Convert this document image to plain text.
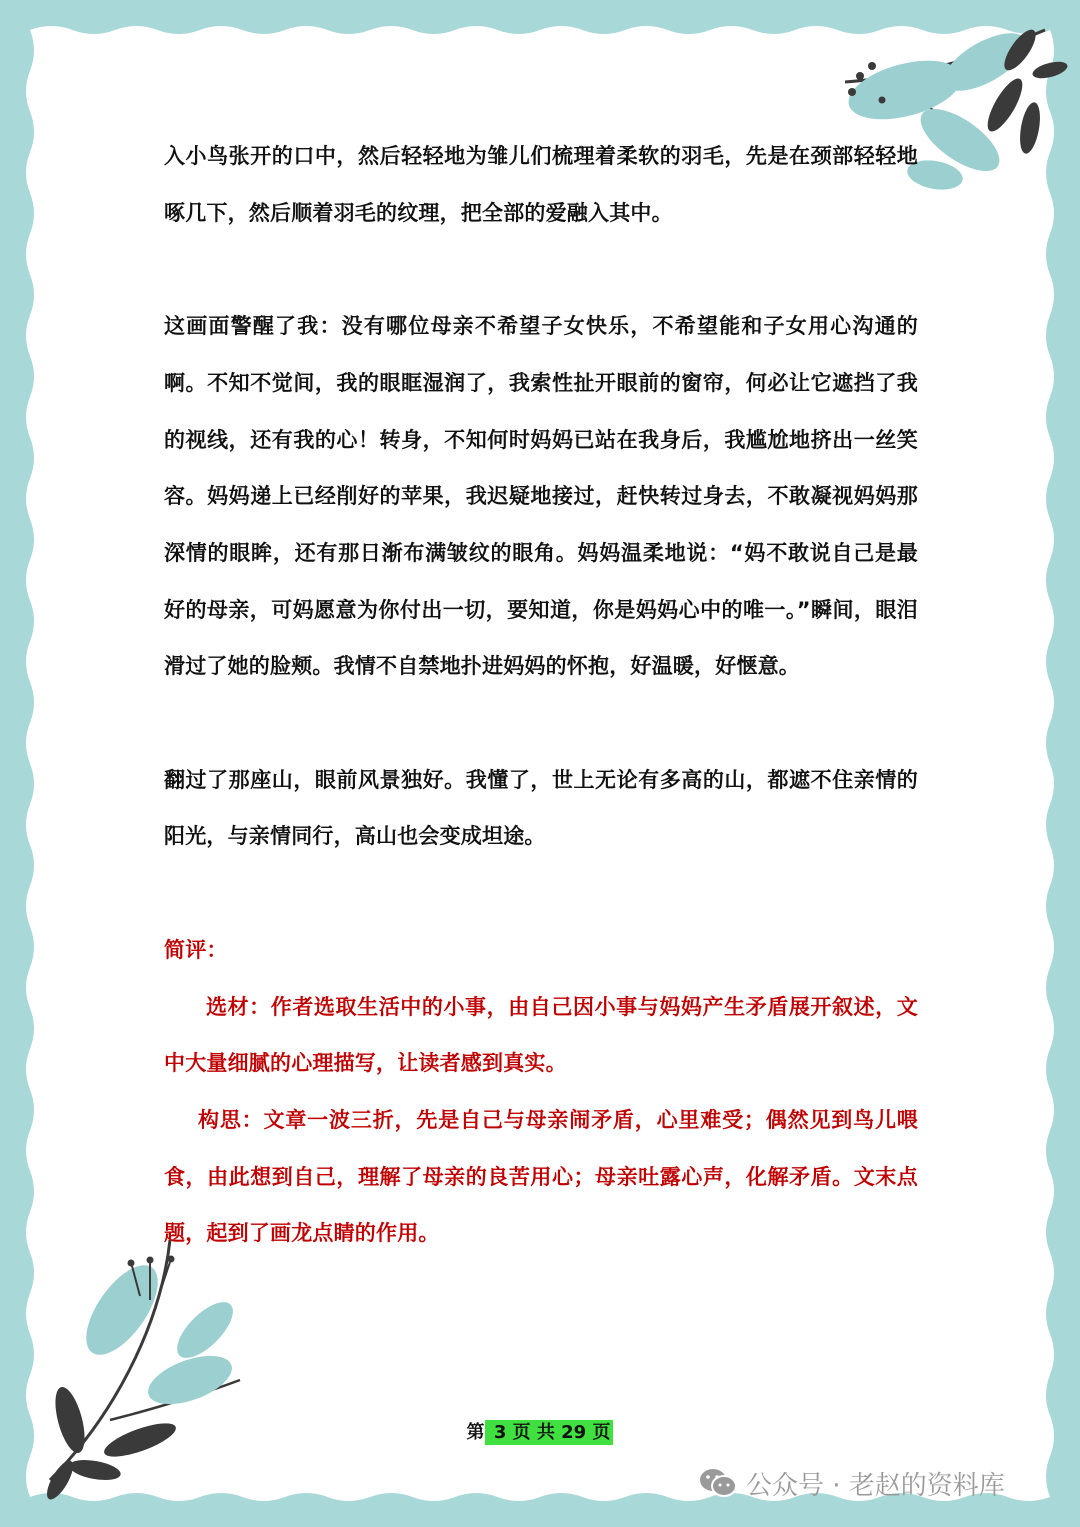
入小鸟张开的口中，然后轻轻地为雏儿们梳理着柔软的羽毛，先是在颈部轻轻地啄几下，然后顺着羽毛的纹理，把全部的爱融入其中。

这画面警醒了我：没有哪位母亲不希望子女快乐，不希望能和子女用心沟通的啊。不知不觉间，我的眼眶湿润了，我索性扯开眼前的窗帘，何必让它遮挡了我的视线，还有我的心！转身，不知何时妈妈已站在我身后，我尴尬地挤出一丝笑容。妈妈递上已经削好的苹果，我迟疑地接过，赶快转过身去，不敢凝视妈妈那深情的眼眸，还有那日渐布满皱纹的眼角。妈妈温柔地说：“妈不敢说自己是最好的母亲，可妈愿意为你付出一切，要知道，你是妈妈心中的唯一。”瞬间，眼泪滑过了她的脸颊。我情不自禁地扑进妈妈的怀抱，好温暖，好惬意。

翻过了那座山，眼前风景独好。我懂了，世上无论有多高的山，都遮不住亲情的阳光，与亲情同行，高山也会变成坦途。

简评：

选材：作者选取生活中的小事，由自己因小事与妈妈产生矛盾展开叙述，文中大量细腻的心理描写，让读者感到真实。

构思：文章一波三折，先是自己与母亲闹矛盾，心里难受；偶然见到鸟儿喂食，由此想到自己，理解了母亲的良苦用心；母亲吐露心声，化解矛盾。文末点题，起到了画龙点睛的作用。

第 3 页 共 29 页
公众号 · 老赵的资料库
